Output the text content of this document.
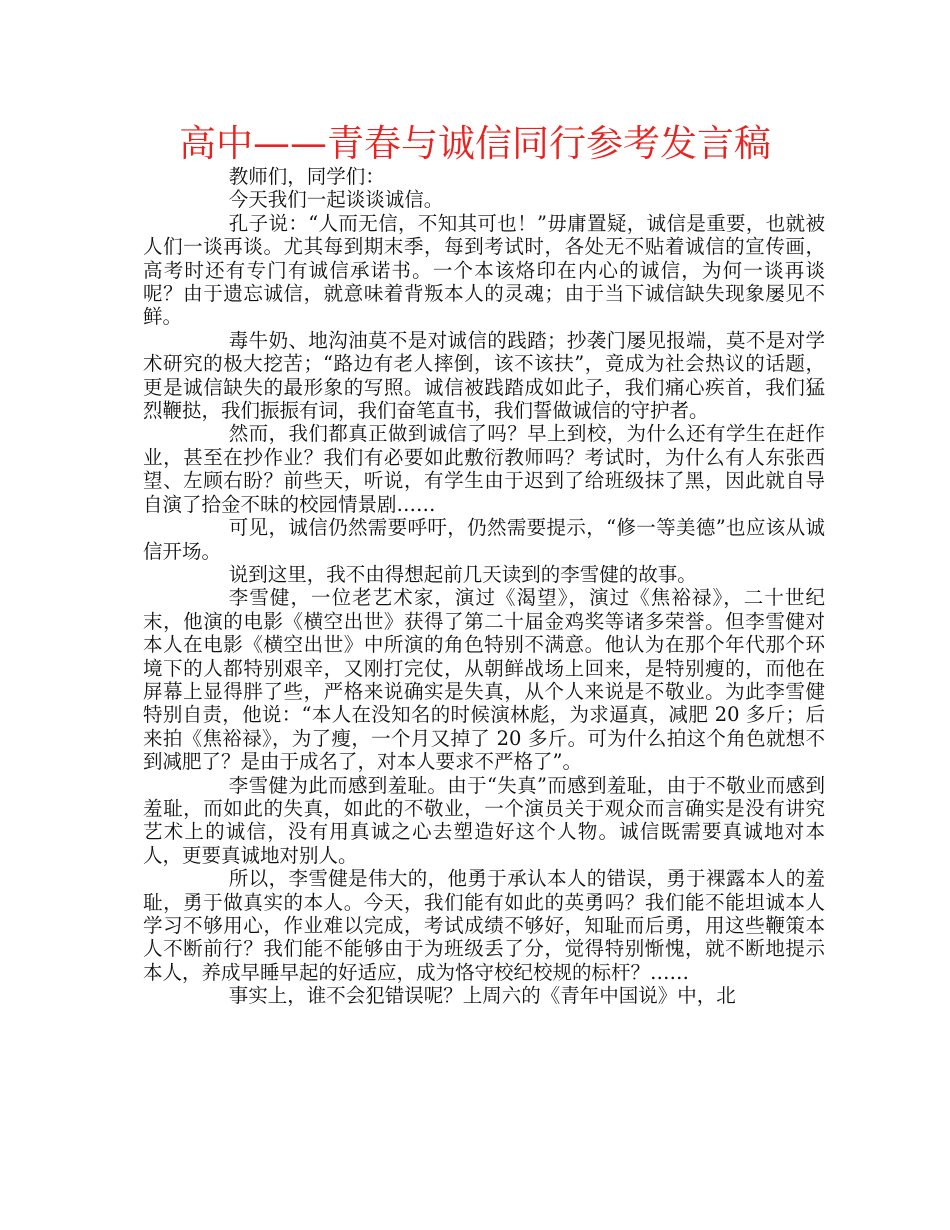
高中——青春与诚信同行参考发言稿

教师们，同学们：

今天我们一起谈谈诚信。

孔子说：“人而无信，不知其可也！”毋庸置疑，诚信是重要，也就被人们一谈再谈。尤其每到期末季，每到考试时，各处无不贴着诚信的宣传画，高考时还有专门有诚信承诺书。一个本该烙印在内心的诚信，为何一谈再谈呢？由于遗忘诚信，就意味着背叛本人的灵魂；由于当下诚信缺失现象屡见不鲜。

毒牛奶、地沟油莫不是对诚信的践踏；抄袭门屡见报端，莫不是对学术研究的极大挖苦；“路边有老人摔倒，该不该扶”，竟成为社会热议的话题，更是诚信缺失的最形象的写照。诚信被践踏成如此子，我们痛心疾首，我们猛烈鞭挞，我们振振有词，我们奋笔直书，我们誓做诚信的守护者。

然而，我们都真正做到诚信了吗？早上到校，为什么还有学生在赶作业，甚至在抄作业？我们有必要如此敷衍教师吗？考试时，为什么有人东张西望、左顾右盼？前些天，听说，有学生由于迟到了给班级抹了黑，因此就自导自演了拾金不昧的校园情景剧……

可见，诚信仍然需要呼吁，仍然需要提示，“修一等美德”也应该从诚信开场。

说到这里，我不由得想起前几天读到的李雪健的故事。

李雪健，一位老艺术家，演过《渴望》，演过《焦裕禄》，二十世纪末，他演的电影《横空出世》获得了第二十届金鸡奖等诸多荣誉。但李雪健对本人在电影《横空出世》中所演的角色特别不满意。他认为在那个年代那个环境下的人都特别艰辛，又刚打完仗，从朝鲜战场上回来，是特别瘦的，而他在屏幕上显得胖了些，严格来说确实是失真，从个人来说是不敬业。为此李雪健特别自责，他说：“本人在没知名的时候演林彪，为求逼真，减肥 20 多斤；后来拍《焦裕禄》，为了瘦，一个月又掉了 20 多斤。可为什么拍这个角色就想不到减肥了？是由于成名了，对本人要求不严格了”。

李雪健为此而感到羞耻。由于“失真”而感到羞耻，由于不敬业而感到羞耻，而如此的失真，如此的不敬业，一个演员关于观众而言确实是没有讲究艺术上的诚信，没有用真诚之心去塑造好这个人物。诚信既需要真诚地对本人，更要真诚地对别人。

所以，李雪健是伟大的，他勇于承认本人的错误，勇于裸露本人的羞耻，勇于做真实的本人。今天，我们能有如此的英勇吗？我们能不能坦诚本人学习不够用心，作业难以完成，考试成绩不够好，知耻而后勇，用这些鞭策本人不断前行？我们能不能够由于为班级丢了分，觉得特别惭愧，就不断地提示本人，养成早睡早起的好适应，成为恪守校纪校规的标杆？……

事实上，谁不会犯错误呢？上周六的《青年中国说》中，北
